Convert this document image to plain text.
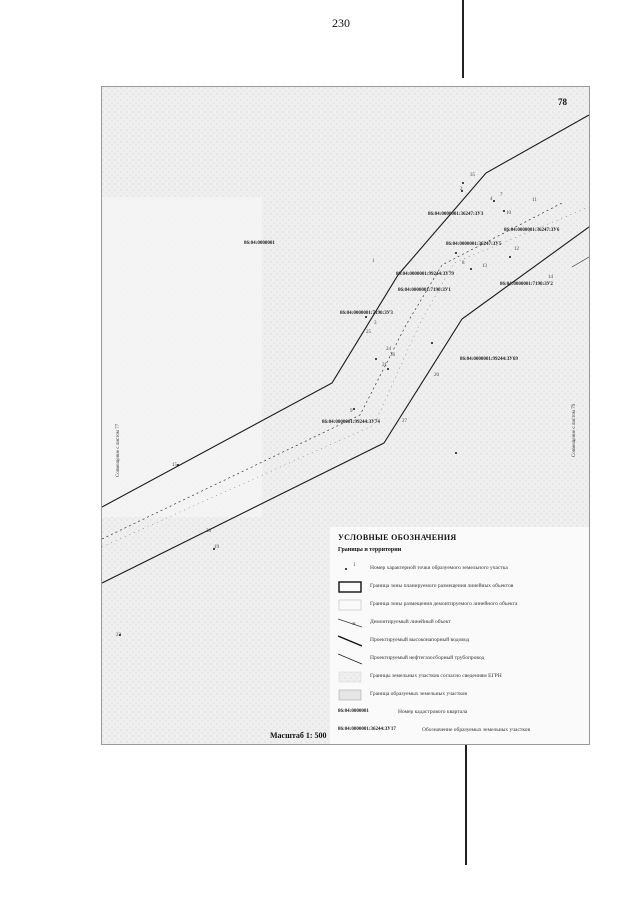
230
78
86:04:0000001
86:04:0000001:36247:ЗУ3
86:04:0000001:36247:ЗУ6
86:04:0000001:36247:ЗУ5
86:04:0000001:99244:ЗУ79
86:04:0000001:7190:ЗУ1
86:04:0000001:7190:ЗУ2
86:04:0000001:7190:ЗУ3
86:04:0000001:99244:ЗУ69
86:04:0000001:99244:ЗУ74
35
2
4
7
8
10
11
12
13
14
3
1
25
24
36
27
20
21
15
19
30
9
23
Совмещение с листом 77	Совмещение с листом 79
УСЛОВНЫЕ ОБОЗНАЧЕНИЯ
Границы и территории
1	Номер характерной точки образуемого земельного участка
Граница зоны планируемого размещения линейных объектов
Граница зоны размещения демонтируемого линейного объекта
×	Демонтируемый линейный объект
Проектируемый высоконапорный водовод
Проектируемый нефтегазосборный трубопровод
Границы земельных участков согласно сведениям ЕГРН
Граница образуемых земельных участков
86:04:0000001	Номер кадастрового квартала
86:04:0000001:36244:ЗУ17	Обозначение образуемых земельных участков
Масштаб 1: 500
